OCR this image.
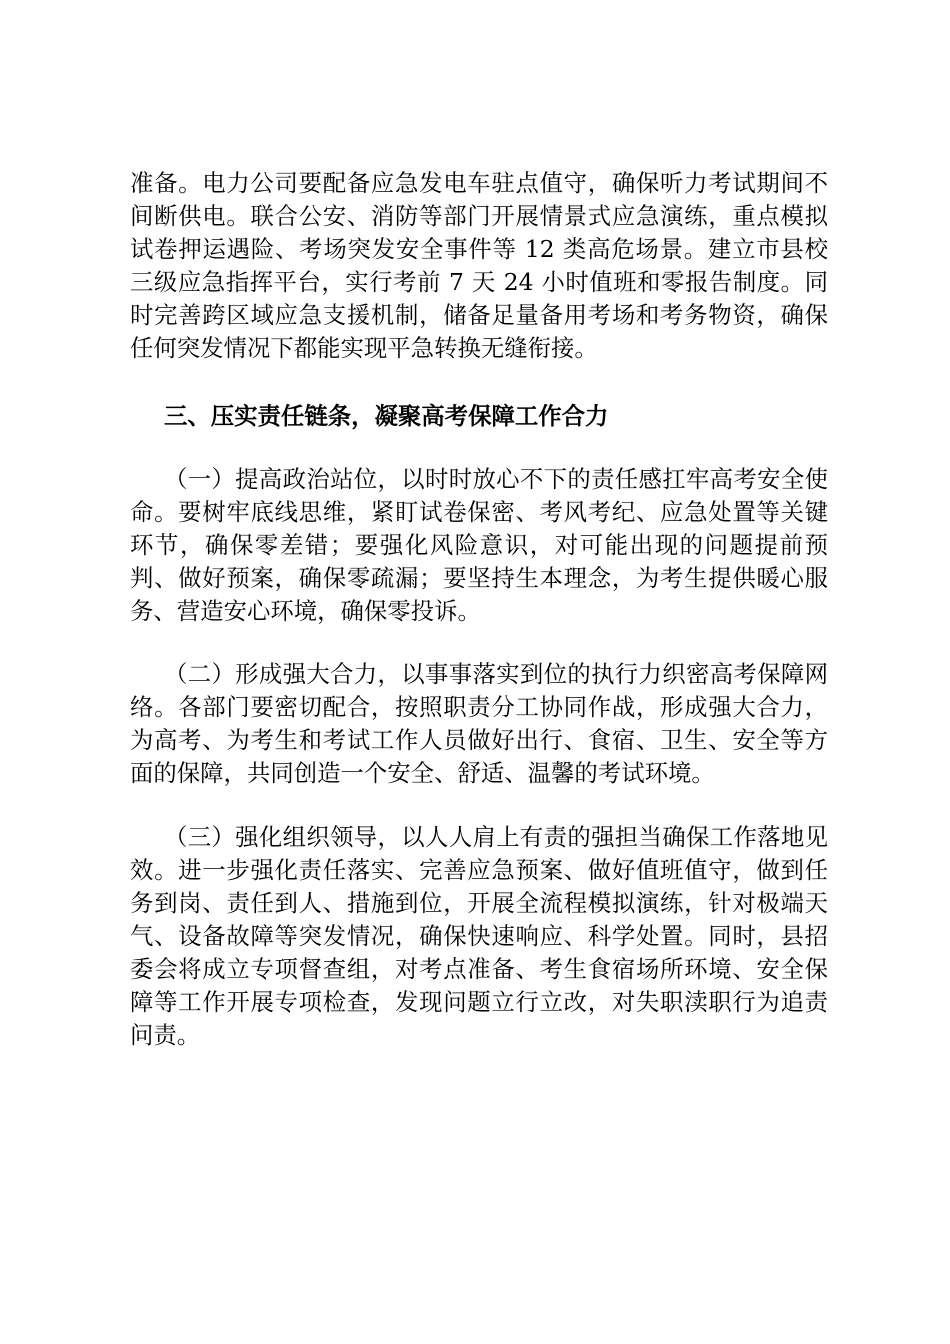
准备。电力公司要配备应急发电车驻点值守，确保听力考试期间不间断供电。联合公安、消防等部门开展情景式应急演练，重点模拟试卷押运遇险、考场突发安全事件等 12 类高危场景。建立市县校三级应急指挥平台，实行考前 7 天 24 小时值班和零报告制度。同时完善跨区域应急支援机制，储备足量备用考场和考务物资，确保任何突发情况下都能实现平急转换无缝衔接。

三、压实责任链条，凝聚高考保障工作合力

（一）提高政治站位，以时时放心不下的责任感扛牢高考安全使命。要树牢底线思维，紧盯试卷保密、考风考纪、应急处置等关键环节，确保零差错；要强化风险意识，对可能出现的问题提前预判、做好预案，确保零疏漏；要坚持生本理念，为考生提供暖心服务、营造安心环境，确保零投诉。

（二）形成强大合力，以事事落实到位的执行力织密高考保障网络。各部门要密切配合，按照职责分工协同作战，形成强大合力，为高考、为考生和考试工作人员做好出行、食宿、卫生、安全等方面的保障，共同创造一个安全、舒适、温馨的考试环境。

（三）强化组织领导，以人人肩上有责的强担当确保工作落地见效。进一步强化责任落实、完善应急预案、做好值班值守，做到任务到岗、责任到人、措施到位，开展全流程模拟演练，针对极端天气、设备故障等突发情况，确保快速响应、科学处置。同时，县招委会将成立专项督查组，对考点准备、考生食宿场所环境、安全保障等工作开展专项检查，发现问题立行立改，对失职渎职行为追责问责。
